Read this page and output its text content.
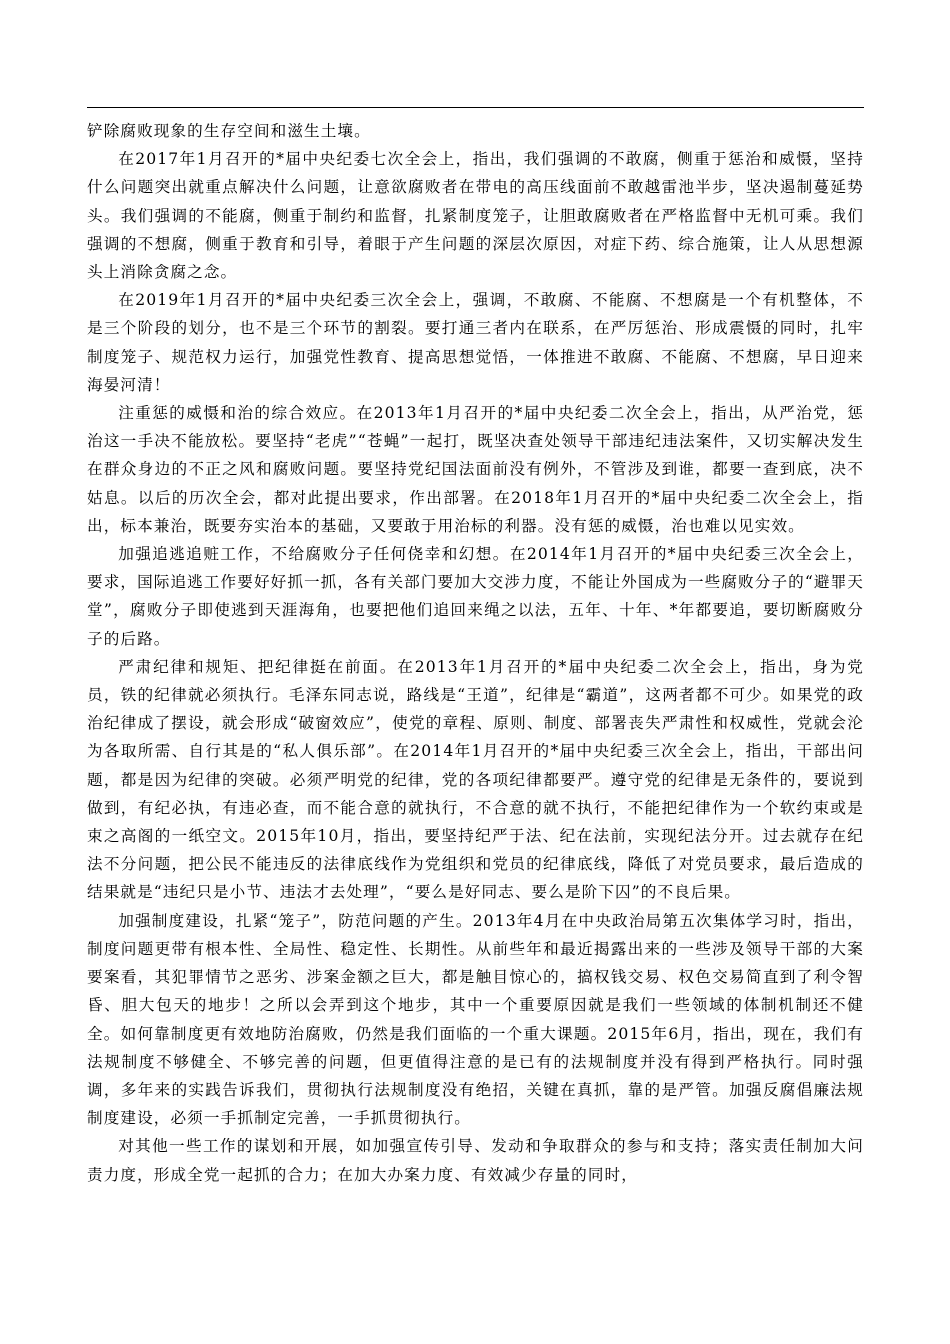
铲除腐败现象的生存空间和滋生土壤。

在2017年1月召开的*届中央纪委七次全会上，指出，我们强调的不敢腐，侧重于惩治和威慑，坚持什么问题突出就重点解决什么问题，让意欲腐败者在带电的高压线面前不敢越雷池半步，坚决遏制蔓延势头。我们强调的不能腐，侧重于制约和监督，扎紧制度笼子，让胆敢腐败者在严格监督中无机可乘。我们强调的不想腐，侧重于教育和引导，着眼于产生问题的深层次原因，对症下药、综合施策，让人从思想源头上消除贪腐之念。

在2019年1月召开的*届中央纪委三次全会上，强调，不敢腐、不能腐、不想腐是一个有机整体，不是三个阶段的划分，也不是三个环节的割裂。要打通三者内在联系，在严厉惩治、形成震慑的同时，扎牢制度笼子、规范权力运行，加强党性教育、提高思想觉悟，一体推进不敢腐、不能腐、不想腐，早日迎来海晏河清！

注重惩的威慑和治的综合效应。在2013年1月召开的*届中央纪委二次全会上，指出，从严治党，惩治这一手决不能放松。要坚持“老虎”“苍蝇”一起打，既坚决查处领导干部违纪违法案件，又切实解决发生在群众身边的不正之风和腐败问题。要坚持党纪国法面前没有例外，不管涉及到谁，都要一查到底，决不姑息。以后的历次全会，都对此提出要求，作出部署。在2018年1月召开的*届中央纪委二次全会上，指出，标本兼治，既要夯实治本的基础，又要敢于用治标的利器。没有惩的威慑，治也难以见实效。

加强追逃追赃工作，不给腐败分子任何侥幸和幻想。在2014年1月召开的*届中央纪委三次全会上，要求，国际追逃工作要好好抓一抓，各有关部门要加大交涉力度，不能让外国成为一些腐败分子的“避罪天堂”，腐败分子即使逃到天涯海角，也要把他们追回来绳之以法，五年、十年、*年都要追，要切断腐败分子的后路。

严肃纪律和规矩、把纪律挺在前面。在2013年1月召开的*届中央纪委二次全会上，指出，身为党员，铁的纪律就必须执行。毛泽东同志说，路线是“王道”，纪律是“霸道”，这两者都不可少。如果党的政治纪律成了摆设，就会形成“破窗效应”，使党的章程、原则、制度、部署丧失严肃性和权威性，党就会沦为各取所需、自行其是的“私人俱乐部”。在2014年1月召开的*届中央纪委三次全会上，指出，干部出问题，都是因为纪律的突破。必须严明党的纪律，党的各项纪律都要严。遵守党的纪律是无条件的，要说到做到，有纪必执，有违必查，而不能合意的就执行，不合意的就不执行，不能把纪律作为一个软约束或是束之高阁的一纸空文。2015年10月，指出，要坚持纪严于法、纪在法前，实现纪法分开。过去就存在纪法不分问题，把公民不能违反的法律底线作为党组织和党员的纪律底线，降低了对党员要求，最后造成的结果就是“违纪只是小节、违法才去处理”，“要么是好同志、要么是阶下囚”的不良后果。

加强制度建设，扎紧“笼子”，防范问题的产生。2013年4月在中央政治局第五次集体学习时，指出，制度问题更带有根本性、全局性、稳定性、长期性。从前些年和最近揭露出来的一些涉及领导干部的大案要案看，其犯罪情节之恶劣、涉案金额之巨大，都是触目惊心的，搞权钱交易、权色交易简直到了利令智昏、胆大包天的地步！之所以会弄到这个地步，其中一个重要原因就是我们一些领域的体制机制还不健全。如何靠制度更有效地防治腐败，仍然是我们面临的一个重大课题。2015年6月，指出，现在，我们有法规制度不够健全、不够完善的问题，但更值得注意的是已有的法规制度并没有得到严格执行。同时强调，多年来的实践告诉我们，贯彻执行法规制度没有绝招，关键在真抓，靠的是严管。加强反腐倡廉法规制度建设，必须一手抓制定完善，一手抓贯彻执行。

对其他一些工作的谋划和开展，如加强宣传引导、发动和争取群众的参与和支持；落实责任制加大问责力度，形成全党一起抓的合力；在加大办案力度、有效减少存量的同时，
